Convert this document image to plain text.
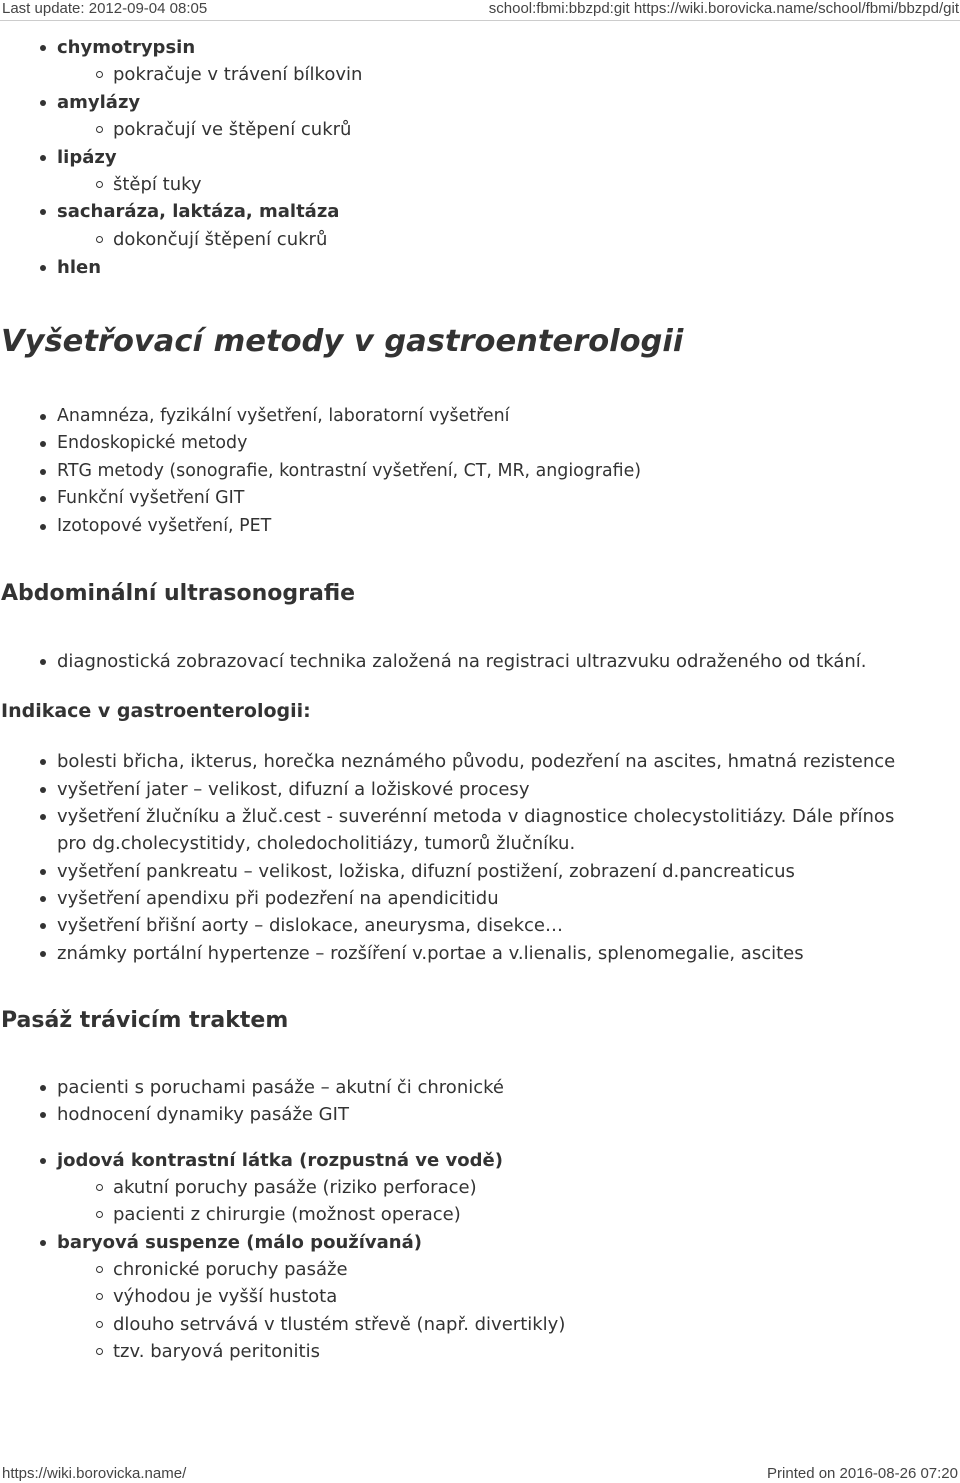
Last update: 2012-09-04 08:05	school:fbmi:bbzpd:git https://wiki.borovicka.name/school/fbmi/bbzpd/git
chymotrypsin
pokračuje v trávení bílkovin
amylázy
pokračují ve štěpení cukrů
lipázy
štěpí tuky
sacharáza, laktáza, maltáza
dokončují štěpení cukrů
hlen
Vyšetřovací metody v gastroenterologii
Anamnéza, fyzikální vyšetření, laboratorní vyšetření
Endoskopické metody
RTG metody (sonografie, kontrastní vyšetření, CT, MR, angiografie)
Funkční vyšetření GIT
Izotopové vyšetření, PET
Abdominální ultrasonografie
diagnostická zobrazovací technika založená na registraci ultrazvuku odraženého od tkání.
Indikace v gastroenterologii:
bolesti břicha, ikterus, horečka neznámého původu, podezření na ascites, hmatná rezistence
vyšetření jater – velikost, difuzní a ložiskové procesy
vyšetření žlučníku a žluč.cest - suverénní metoda v diagnostice cholecystolitiázy. Dále přínos
pro dg.cholecystitidy, choledocholitiázy, tumorů žlučníku.
vyšetření pankreatu – velikost, ložiska, difuzní postižení, zobrazení d.pancreaticus
vyšetření apendixu při podezření na apendicitidu
vyšetření břišní aorty – dislokace, aneurysma, disekce…
známky portální hypertenze – rozšíření v.portae a v.lienalis, splenomegalie, ascites
Pasáž trávicím traktem
pacienti s poruchami pasáže – akutní či chronické
hodnocení dynamiky pasáže GIT
jodová kontrastní látka (rozpustná ve vodě)
akutní poruchy pasáže (riziko perforace)
pacienti z chirurgie (možnost operace)
baryová suspenze (málo používaná)
chronické poruchy pasáže
výhodou je vyšší hustota
dlouho setrvává v tlustém střevě (např. divertikly)
tzv. baryová peritonitis
https://wiki.borovicka.name/	Printed on 2016-08-26 07:20
